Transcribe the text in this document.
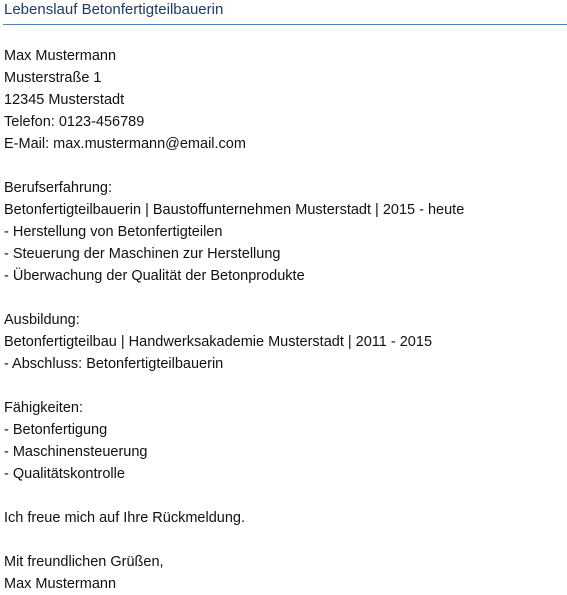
Lebenslauf Betonfertigteilbauerin
Max Mustermann
Musterstraße 1
12345 Musterstadt
Telefon: 0123-456789
E-Mail: max.mustermann@email.com
Berufserfahrung:
Betonfertigteilbauerin | Baustoffunternehmen Musterstadt | 2015 - heute
- Herstellung von Betonfertigteilen
- Steuerung der Maschinen zur Herstellung
- Überwachung der Qualität der Betonprodukte
Ausbildung:
Betonfertigteilbau | Handwerksakademie Musterstadt | 2011 - 2015
- Abschluss: Betonfertigteilbauerin
Fähigkeiten:
- Betonfertigung
- Maschinensteuerung
- Qualitätskontrolle
Ich freue mich auf Ihre Rückmeldung.
Mit freundlichen Grüßen,
Max Mustermann
